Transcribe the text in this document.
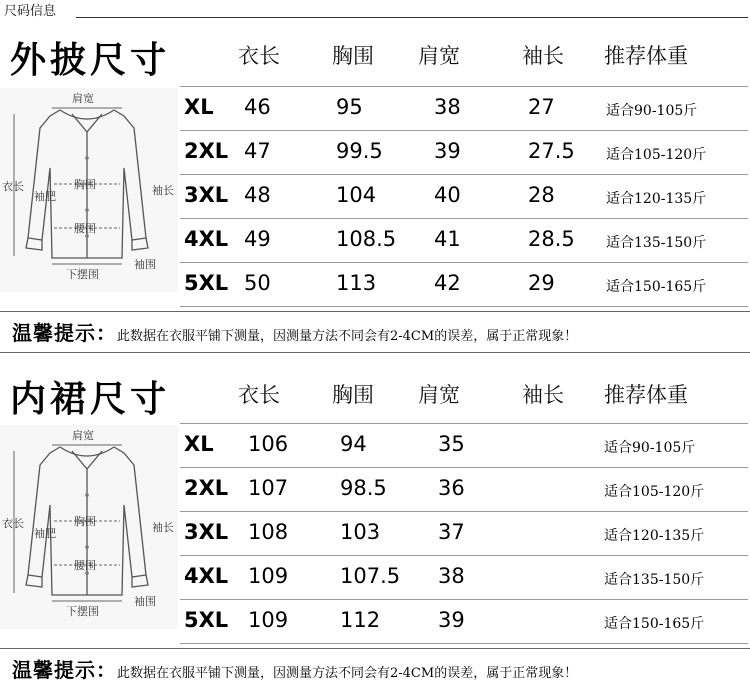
尺码信息
外披尺寸	衣长 胸围 肩宽	袖长 推荐体重
肩宽
衣长
袖肥
胸围	袖长
腰围
下摆围
袖围
XL 46	95	38	27	适合90-105斤
2XL 47	99.5 39	27.5 适合105-120斤
3XL 48	104	40	28	适合120-135斤
4XL 49	108.5 41	28.5 适合135-150斤
5XL 50	113	42	29	适合150-165斤
温馨提示：此数据在衣服平铺下测量，因测量方法不同会有2-4CM的误差，属于正常现象！
内裙尺寸	衣长 胸围 肩宽	袖长 推荐体重
肩宽
衣长
袖肥
胸围	袖长
腰围
下摆围
袖围
XL 106 94	35	适合90-105斤
2XL 107 98.5 36	适合105-120斤
3XL 108 103	37	适合120-135斤
4XL 109 107.5 38	适合135-150斤
5XL 109 112	39	适合150-165斤
温馨提示：此数据在衣服平铺下测量，因测量方法不同会有2-4CM的误差，属于正常现象！
